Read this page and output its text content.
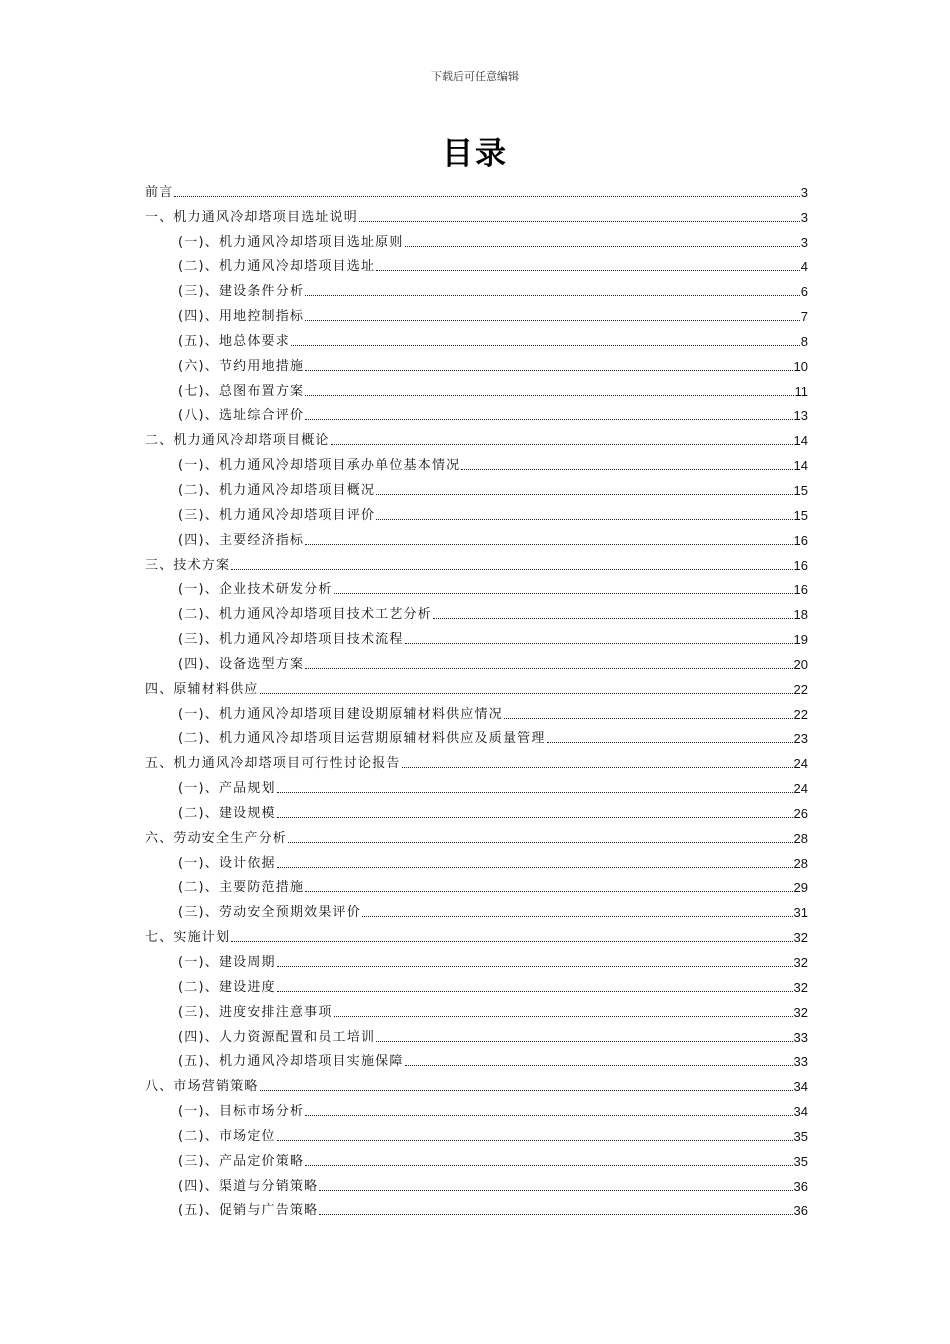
下载后可任意编辑
目录
前言	3
一、机力通风冷却塔项目选址说明	3
(一)、机力通风冷却塔项目选址原则	3
(二)、机力通风冷却塔项目选址	4
(三)、建设条件分析	6
(四)、用地控制指标	7
(五)、地总体要求	8
(六)、节约用地措施	10
(七)、总图布置方案	11
(八)、选址综合评价	13
二、机力通风冷却塔项目概论	14
(一)、机力通风冷却塔项目承办单位基本情况	14
(二)、机力通风冷却塔项目概况	15
(三)、机力通风冷却塔项目评价	15
(四)、主要经济指标	16
三、技术方案	16
(一)、企业技术研发分析	16
(二)、机力通风冷却塔项目技术工艺分析	18
(三)、机力通风冷却塔项目技术流程	19
(四)、设备选型方案	20
四、原辅材料供应	22
(一)、机力通风冷却塔项目建设期原辅材料供应情况	22
(二)、机力通风冷却塔项目运营期原辅材料供应及质量管理	23
五、机力通风冷却塔项目可行性讨论报告	24
(一)、产品规划	24
(二)、建设规模	26
六、劳动安全生产分析	28
(一)、设计依据	28
(二)、主要防范措施	29
(三)、劳动安全预期效果评价	31
七、实施计划	32
(一)、建设周期	32
(二)、建设进度	32
(三)、进度安排注意事项	32
(四)、人力资源配置和员工培训	33
(五)、机力通风冷却塔项目实施保障	33
八、市场营销策略	34
(一)、目标市场分析	34
(二)、市场定位	35
(三)、产品定价策略	35
(四)、渠道与分销策略	36
(五)、促销与广告策略	36
